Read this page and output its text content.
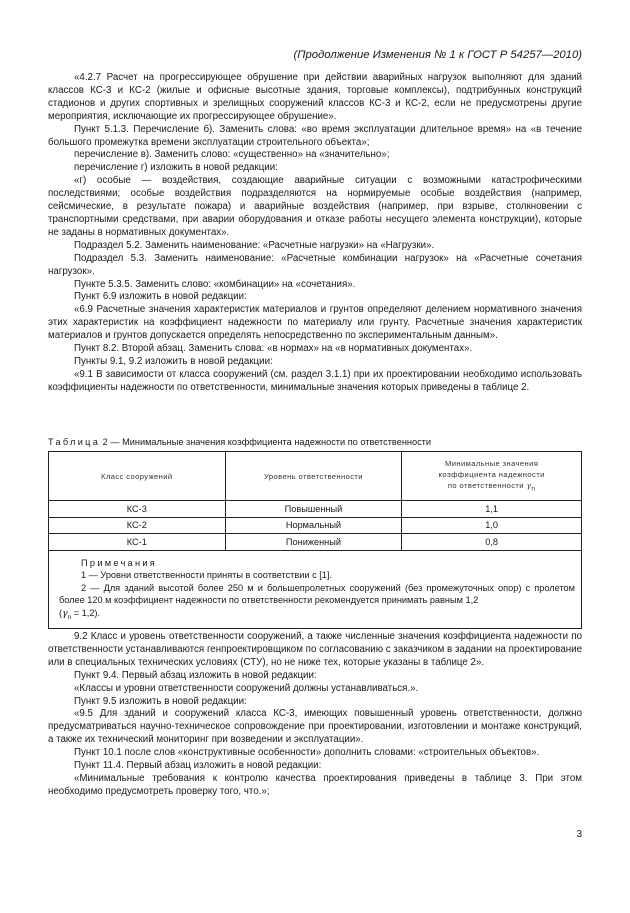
(Продолжение Изменения № 1 к ГОСТ Р 54257—2010)

«4.2.7 Расчет на прогрессирующее обрушение при действии аварийных нагрузок выполняют для зданий классов КС-3 и КС-2 (жилые и офисные высотные здания, торговые комплексы), подтрибунных конструкций стадионов и других спортивных и зрелищных сооружений классов КС-3 и КС-2, если не предусмотрены другие мероприятия, исключающие их прогрессирующее обрушение».

Пункт 5.1.3. Перечисление б). Заменить слова: «во время эксплуатации длительное время» на «в течение большого промежутка времени эксплуатации строительного объекта»;

перечисление в). Заменить слово: «существенно» на «значительно»;

перечисление г) изложить в новой редакции:

«г) особые — воздействия, создающие аварийные ситуации с возможными катастрофическими последствиями; особые воздействия подразделяются на нормируемые особые воздействия (например, сейсмические, в результате пожара) и аварийные воздействия (например, при взрыве, столкновении с транспортными средствами, при аварии оборудования и отказе работы несущего элемента конструкции), которые не заданы в нормативных документах».

Подраздел 5.2. Заменить наименование: «Расчетные нагрузки» на «Нагрузки».

Подраздел 5.3. Заменить наименование: «Расчетные комбинации нагрузок» на «Расчетные сочетания нагрузок».

Пункте 5.3.5. Заменить слово: «комбинации» на «сочетания».

Пункт 6.9 изложить в новой редакции:

«6.9 Расчетные значения характеристик материалов и грунтов определяют делением нормативного значения этих характеристик на коэффициент надежности по материалу или грунту. Расчетные значения характеристик материалов и грунтов допускается определять непосредственно по экспериментальным данным».

Пункт 8.2. Второй абзац. Заменить слова: «в нормах» на «в нормативных документах».

Пункты 9.1, 9.2 изложить в новой редакции:

«9.1 В зависимости от класса сооружений (см. раздел 3.1.1) при их проектировании необходимо использовать коэффициенты надежности по ответственности, минимальные значения которых приведены в таблице 2.

Таблица 2 — Минимальные значения коэффициента надежности по ответственности
Класс сооружений	Уровень ответственности	Минимальные значения
коэффициента надежности
по ответственности $\gamma_n$

КС-3	Повышенный	1,1
КС-2	Нормальный	1,0
КС-1	Пониженный	0,8

Примечания
1 — Уровни ответственности приняты в соответствии с [1].
2 — Для зданий высотой более 250 м и большепролетных сооружений (без промежуточных опор) с пролетом более 120 м коэффициент надежности по ответственности рекомендуется принимать равным 1,2
$(\gamma_n = 1,2)$.		

9.2 Класс и уровень ответственности сооружений, а также численные значения коэффициента надежности по ответственности устанавливаются генпроектировщиком по согласованию с заказчиком в задании на проектирование или в специальных технических условиях (СТУ), но не ниже тех, которые указаны в таблице 2».

Пункт 9.4. Первый абзац изложить в новой редакции:

«Классы и уровни ответственности сооружений должны устанавливаться.».

Пункт 9.5 изложить в новой редакции:

«9.5 Для зданий и сооружений класса КС-3, имеющих повышенный уровень ответственности, должно предусматриваться научно-техническое сопровождение при проектировании, изготовлении и монтаже конструкций, а также их технический мониторинг при возведении и эксплуатации».

Пункт 10.1 после слов «конструктивные особенности» дополнить словами: «строительных объектов».

Пункт 11.4. Первый абзац изложить в новой редакции:

«Минимальные требования к контролю качества проектирования приведены в таблице 3. При этом необходимо предусмотреть проверку того, что.»;

3
